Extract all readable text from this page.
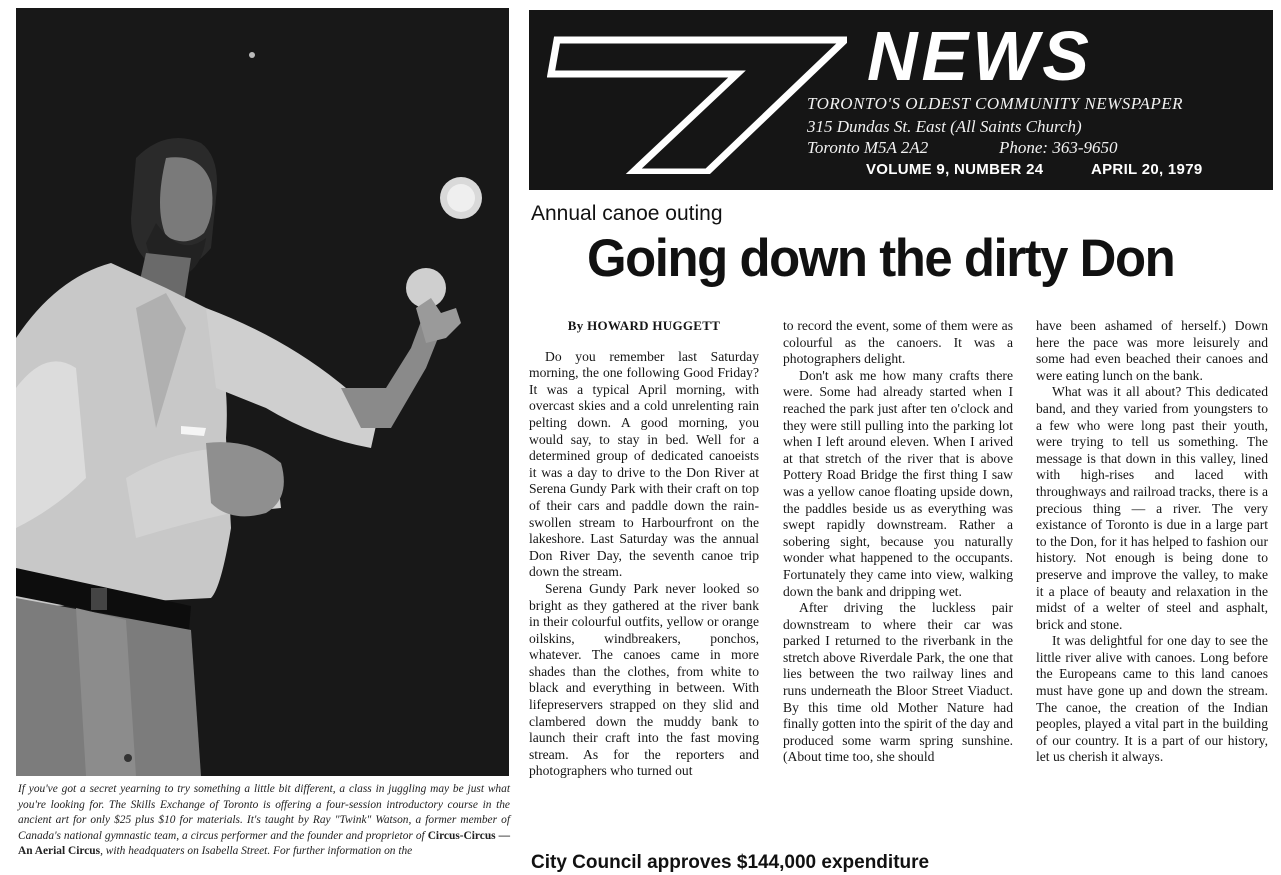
If you've got a secret yearning to try something a little bit different, a class in juggling may be just what you're looking for. The Skills Exchange of Toronto is offering a four-session introductory course in the ancient art for only $25 plus $10 for materials. It's taught by Ray "Twink" Watson, a former member of Canada's national gymnastic team, a circus performer and the founder and proprietor of Circus-Circus — An Aerial Circus, with headquaters on Isabella Street. For further information on the
7
NEWS
TORONTO'S OLDEST COMMUNITY NEWSPAPER
315 Dundas St. East (All Saints Church)
Toronto M5A 2A2	Phone: 363-9650
VOLUME 9, NUMBER 24	APRIL 20, 1979
Annual canoe outing
Going down the dirty Don
By HOWARD HUGGETT

Do you remember last Saturday morning, the one following Good Friday? It was a typical April morning, with overcast skies and a cold unrelenting rain pelting down. A good morning, you would say, to stay in bed. Well for a determined group of dedicated canoeists it was a day to drive to the Don River at Serena Gundy Park with their craft on top of their cars and paddle down the rain-swollen stream to Harbourfront on the lakeshore. Last Saturday was the annual Don River Day, the seventh canoe trip down the stream.

Serena Gundy Park never looked so bright as they gathered at the river bank in their colourful outfits, yellow or orange oilskins, windbreakers, ponchos, whatever. The canoes came in more shades than the clothes, from white to black and everything in between. With lifepreservers strapped on they slid and clambered down the muddy bank to launch their craft into the fast moving stream. As for the reporters and photographers who turned out

to record the event, some of them were as colourful as the canoers. It was a photographers delight.

Don't ask me how many crafts there were. Some had already started when I reached the park just after ten o'clock and they were still pulling into the parking lot when I left around eleven. When I arived at that stretch of the river that is above Pottery Road Bridge the first thing I saw was a yellow canoe floating upside down, the paddles beside us as everything was swept rapidly downstream. Rather a sobering sight, because you naturally wonder what happened to the occupants. Fortunately they came into view, walking down the bank and dripping wet.

After driving the luckless pair downstream to where their car was parked I returned to the riverbank in the stretch above Riverdale Park, the one that lies between the two railway lines and runs underneath the Bloor Street Viaduct. By this time old Mother Nature had finally gotten into the spirit of the day and produced some warm spring sunshine. (About time too, she should

have been ashamed of herself.) Down here the pace was more leisurely and some had even beached their canoes and were eating lunch on the bank.

What was it all about? This dedicated band, and they varied from youngsters to a few who were long past their youth, were trying to tell us something. The message is that down in this valley, lined with high-rises and laced with throughways and railroad tracks, there is a precious thing — a river. The very existance of Toronto is due in a large part to the Don, for it has helped to fashion our history. Not enough is being done to preserve and improve the valley, to make it a place of beauty and relaxation in the midst of a welter of steel and asphalt, brick and stone.

It was delightful for one day to see the little river alive with canoes. Long before the Europeans came to this land canoes must have gone up and down the stream. The canoe, the creation of the Indian peoples, played a vital part in the building of our country. It is a part of our history, let us cherish it always.

City Council approves $144,000 expenditure
